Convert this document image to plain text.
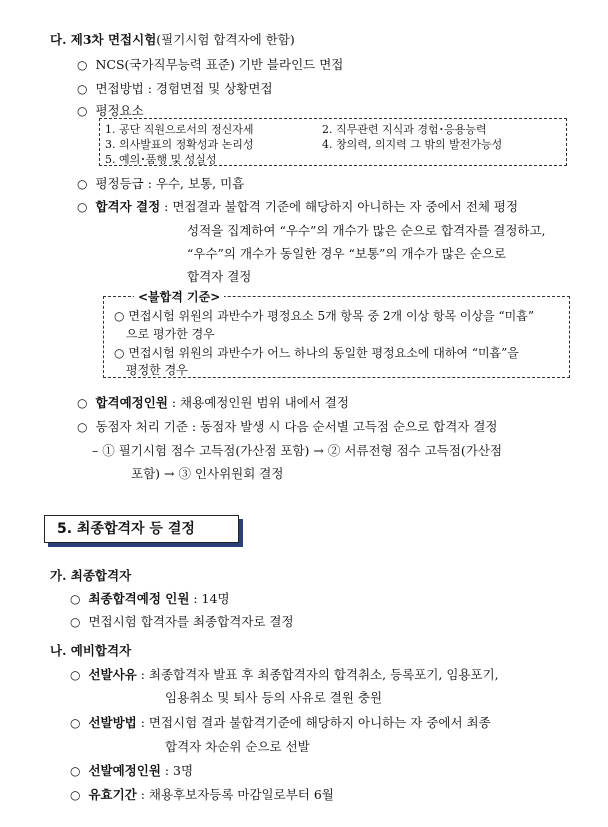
다. 제3차 면접시험(필기시험 합격자에 한함)
○ NCS(국가직무능력 표준) 기반 블라인드 면접
○ 면접방법 : 경험면접 및 상황면접
○ 평정요소
1. 공단 직원으로서의 정신자세	2. 직무관련 지식과 경험･응용능력
3. 의사발표의 정확성과 논리성	4. 창의력, 의지력 그 밖의 발전가능성
5. 예의･품행 및 성실성
○ 평정등급 : 우수, 보통, 미흡
○ 합격자 결정 : 면접결과 불합격 기준에 해당하지 아니하는 자 중에서 전체 평정
성적을 집계하여 “우수”의 개수가 많은 순으로 합격자를 결정하고,
“우수”의 개수가 동일한 경우 “보통”의 개수가 많은 순으로
합격자 결정
<불합격 기준>
○ 면접시험 위원의 과반수가 평정요소 5개 항목 중 2개 이상 항목 이상을 “미흡”
으로 평가한 경우
○ 면접시험 위원의 과반수가 어느 하나의 동일한 평정요소에 대하여 “미흡”을
평정한 경우
○ 합격예정인원 : 채용예정인원 범위 내에서 결정
○ 동점자 처리 기준 : 동점자 발생 시 다음 순서별 고득점 순으로 합격자 결정
– ① 필기시험 점수 고득점(가산점 포함) → ② 서류전형 점수 고득점(가산점
포함) → ③ 인사위원회 결정
5. 최종합격자 등 결정
가. 최종합격자
○ 최종합격예정 인원 : 14명
○ 면접시험 합격자를 최종합격자로 결정
나. 예비합격자
○ 선발사유 : 최종합격자 발표 후 최종합격자의 합격취소, 등록포기, 임용포기,
임용취소 및 퇴사 등의 사유로 결원 충원
○ 선발방법 : 면접시험 결과 불합격기준에 해당하지 아니하는 자 중에서 최종
합격자 차순위 순으로 선발
○ 선발예정인원 : 3명
○ 유효기간 : 채용후보자등록 마감일로부터 6월
